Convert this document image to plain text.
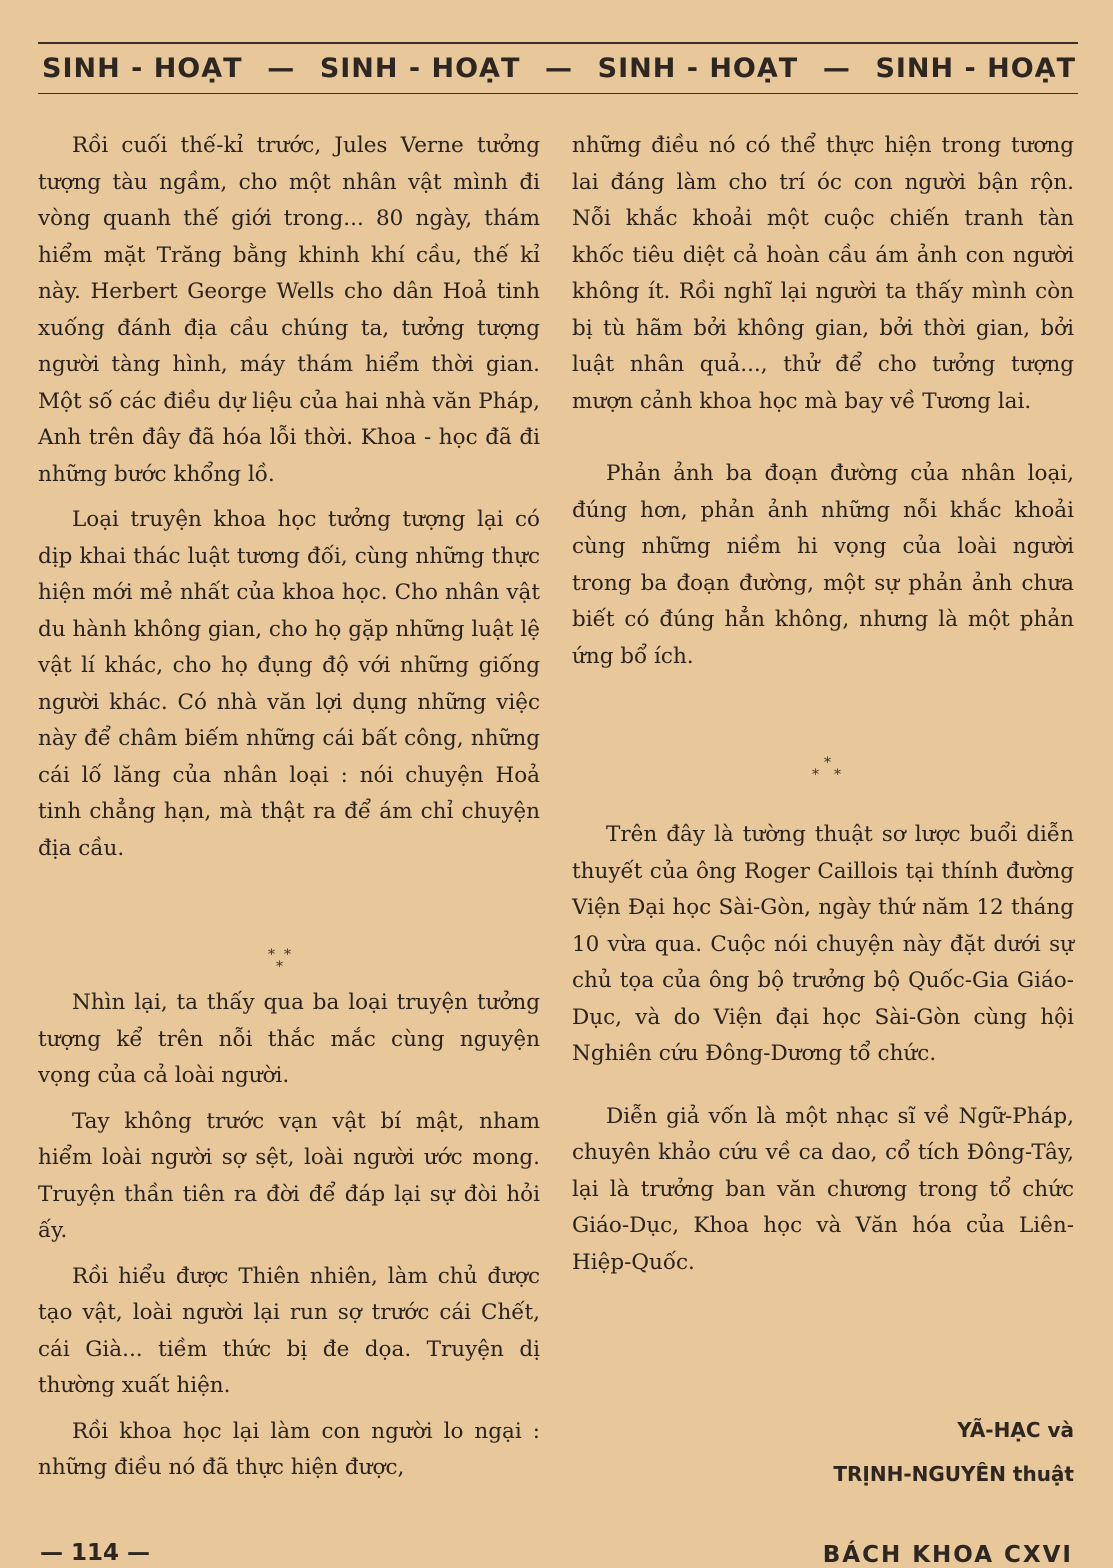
SINH - HOẠT — SINH - HOẠT — SINH - HOẠT — SINH - HOẠT

Rồi cuối thế-kỉ trước, Jules Verne tưởng tượng tàu ngầm, cho một nhân vật mình đi vòng quanh thế giới trong... 80 ngày, thám hiểm mặt Trăng bằng khinh khí cầu, thế kỉ này. Herbert George Wells cho dân Hoả tinh xuống đánh địa cầu chúng ta, tưởng tượng người tàng hình, máy thám hiểm thời gian. Một số các điều dự liệu của hai nhà văn Pháp, Anh trên đây đã hóa lỗi thời. Khoa - học đã đi những bước khổng lồ.

Loại truyện khoa học tưởng tượng lại có dịp khai thác luật tương đối, cùng những thực hiện mới mẻ nhất của khoa học. Cho nhân vật du hành không gian, cho họ gặp những luật lệ vật lí khác, cho họ đụng độ với những giống người khác. Có nhà văn lợi dụng những việc này để châm biếm những cái bất công, những cái lố lăng của nhân loại : nói chuyện Hoả tinh chẳng hạn, mà thật ra để ám chỉ chuyện địa cầu.

Nhìn lại, ta thấy qua ba loại truyện tưởng tượng kể trên nỗi thắc mắc cùng nguyện vọng của cả loài người.

Tay không trước vạn vật bí mật, nham hiểm loài người sợ sệt, loài người ước mong. Truyện thần tiên ra đời để đáp lại sự đòi hỏi ấy.

Rồi hiểu được Thiên nhiên, làm chủ được tạo vật, loài người lại run sợ trước cái Chết, cái Già... tiềm thức bị đe dọa. Truyện dị thường xuất hiện.

Rồi khoa học lại làm con người lo ngại : những điều nó đã thực hiện được,

* *
*

những điều nó có thể thực hiện trong tương lai đáng làm cho trí óc con người bận rộn. Nỗi khắc khoải một cuộc chiến tranh tàn khốc tiêu diệt cả hoàn cầu ám ảnh con người không ít. Rồi nghĩ lại người ta thấy mình còn bị tù hãm bởi không gian, bởi thời gian, bởi luật nhân quả..., thử để cho tưởng tượng mượn cảnh khoa học mà bay về Tương lai.

Phản ảnh ba đoạn đường của nhân loại, đúng hơn, phản ảnh những nỗi khắc khoải cùng những niềm hi vọng của loài người trong ba đoạn đường, một sự phản ảnh chưa biết có đúng hẳn không, nhưng là một phản ứng bổ ích.

Trên đây là tường thuật sơ lược buổi diễn thuyết của ông Roger Caillois tại thính đường Viện Đại học Sài-Gòn, ngày thứ năm 12 tháng 10 vừa qua. Cuộc nói chuyện này đặt dưới sự chủ tọa của ông bộ trưởng bộ Quốc-Gia Giáo-Dục, và do Viện đại học Sài-Gòn cùng hội Nghiên cứu Đông-Dương tổ chức.

Diễn giả vốn là một nhạc sĩ về Ngữ-Pháp, chuyên khảo cứu về ca dao, cổ tích Đông-Tây, lại là trưởng ban văn chương trong tổ chức Giáo-Dục, Khoa học và Văn hóa của Liên-Hiệp-Quốc.

*
* *
YÃ-HẠC và
TRỊNH-NGUYÊN thuật
— 114 —	BÁCH KHOA CXVI
